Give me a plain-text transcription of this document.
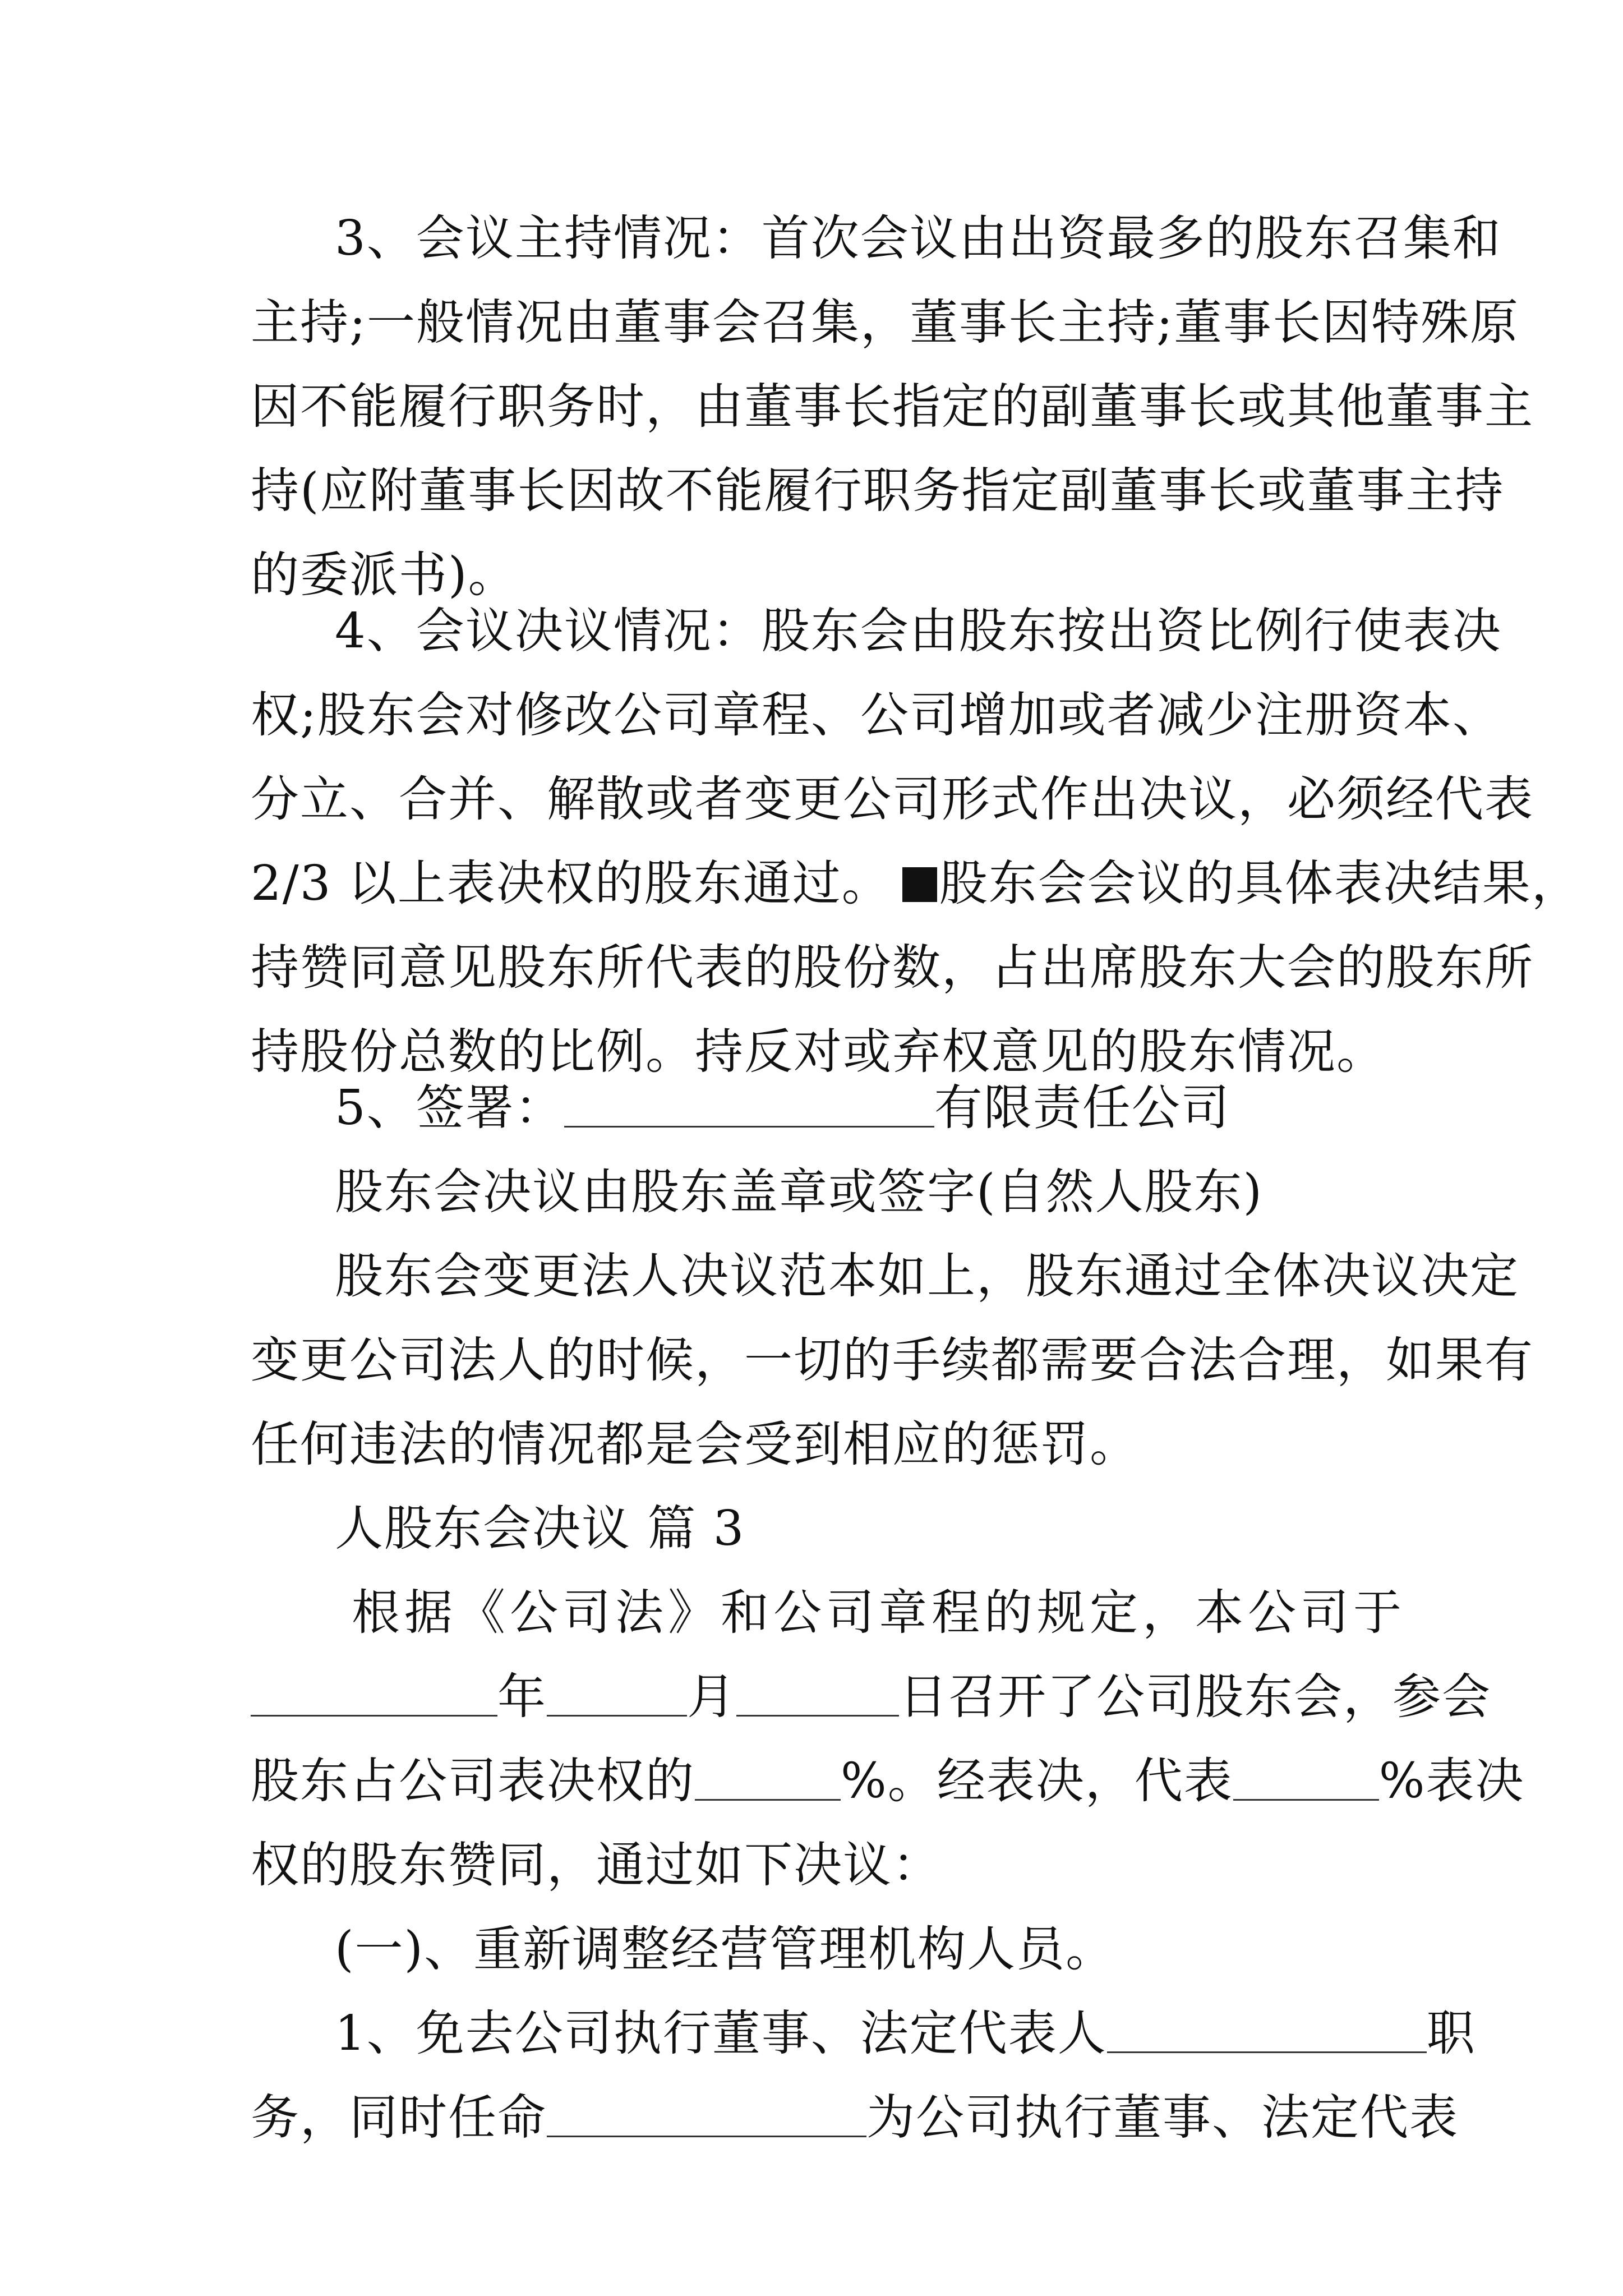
3、会议主持情况：首次会议由出资最多的股东召集和
主持;一般情况由董事会召集，董事长主持;董事长因特殊原
因不能履行职务时，由董事长指定的副董事长或其他董事主
持(应附董事长因故不能履行职务指定副董事长或董事主持
的委派书)。
4、会议决议情况：股东会由股东按出资比例行使表决
权;股东会对修改公司章程、公司增加或者减少注册资本、
分立、合并、解散或者变更公司形式作出决议，必须经代表
2/3 以上表决权的股东通过。 股东会会议的具体表决结果，
持赞同意见股东所代表的股份数，占出席股东大会的股东所
持股份总数的比例。持反对或弃权意见的股东情况。
5、签署：	有限责任公司
股东会决议由股东盖章或签字(自然人股东)
股东会变更法人决议范本如上，股东通过全体决议决定
变更公司法人的时候，一切的手续都需要合法合理，如果有
任何违法的情况都是会受到相应的惩罚。
人股东会决议 篇 3
根据《公司法》和公司章程的规定，本公司于
年	月	日召开了公司股东会，参会
股东占公司表决权的	%。经表决，代表	%表决
权的股东赞同，通过如下决议：
(一)、重新调整经营管理机构人员。
1、免去公司执行董事、法定代表人	职
务，同时任命	为公司执行董事、法定代表
